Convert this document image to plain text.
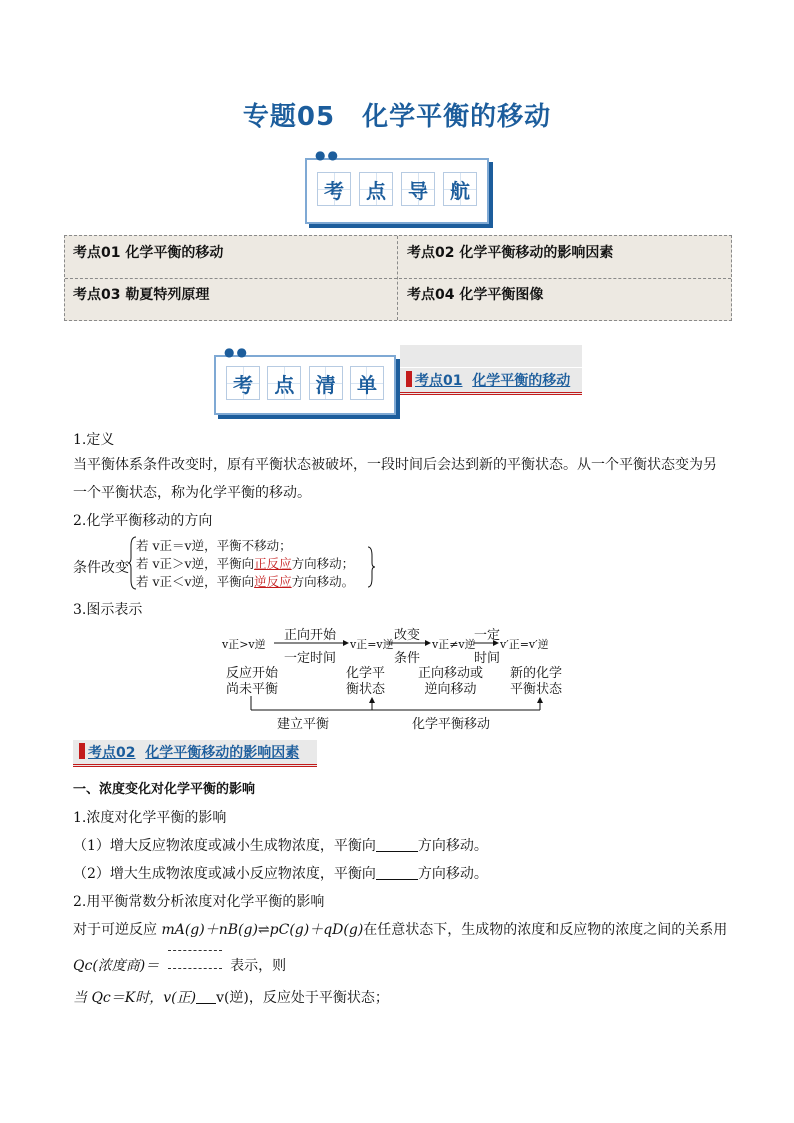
专题05　化学平衡的移动
●●
考	点	导	航
考点01 化学平衡的移动	考点02 化学平衡移动的影响因素
考点03 勒夏特列原理	考点04 化学平衡图像
●●
考	点	清	单	考点01 化学平衡的移动
1.定义
当平衡体系条件改变时，原有平衡状态被破坏，一段时间后会达到新的平衡状态。从一个平衡状态变为另
一个平衡状态，称为化学平衡的移动。
2.化学平衡移动的方向
条件改变
若 v正＝v逆，平衡不移动；
若 v正＞v逆，平衡向正反应方向移动；
若 v正＜v逆，平衡向逆反应方向移动。
3.图示表示
v正>v逆	v正=v逆	v正≠v逆 v′正=v′逆
正向开始
一定时间
改变
条件
一定
时间
反应开始
尚未平衡
化学平
衡状态
正向移动或
逆向移动
新的化学
平衡状态
建立平衡	化学平衡移动
考点02 化学平衡移动的影响因素
一、浓度变化对化学平衡的影响
1.浓度对化学平衡的影响
（1）增大反应物浓度或减小生成物浓度，平衡向	方向移动。
（2）增大生成物浓度或减小反应物浓度，平衡向	方向移动。
2.用平衡常数分析浓度对化学平衡的影响
对于可逆反应 mA(g)＋nB(g)⇌pC(g)＋qD(g)在任意状态下，生成物的浓度和反应物的浓度之间的关系用
Qc(浓度商)＝	表示，则
当 Qc＝K时，v(正) v(逆)，反应处于平衡状态；
